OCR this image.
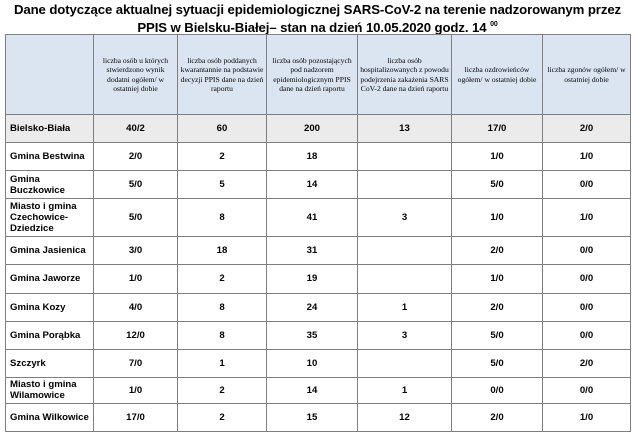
Dane dotyczące aktualnej sytuacji epidemiologicznej SARS-CoV-2 na terenie nadzorowanym przez
PPIS w Bielsku-Białej– stan na dzień 10.05.2020 godz. 14 $^{00}$
	liczba osób u których stwierdzono wynik dodatni ogółem/ w ostatniej dobie	liczba osób poddanych kwarantannie na podstawie decyzji PPIS dane na dzień raportu	liczba osób pozostających pod nadzorem epidemiologicznym PPIS dane na dzień raportu	liczba osób hospitalizowanych z powodu podejrzenia zakażenia SARS CoV-2 dane na dzień raportu	liczba ozdrowieńców ogółem/ w ostatniej dobie	liczba zgonów ogółem/ w ostatniej dobie
Bielsko-Biała	40/2	60	200	13	17/0	2/0
Gmina Bestwina	2/0	2	18		1/0	1/0
Gmina Buczkowice	5/0	5	14		5/0	0/0
Miasto i gmina Czechowice-Dziedzice	5/0	8	41	3	1/0	1/0
Gmina Jasienica	3/0	18	31		2/0	0/0
Gmina Jaworze	1/0	2	19		1/0	0/0
Gmina Kozy	4/0	8	24	1	2/0	0/0
Gmina Porąbka	12/0	8	35	3	5/0	0/0
Szczyrk	7/0	1	10		5/0	2/0
Miasto i gmina Wilamowice	1/0	2	14	1	0/0	0/0
Gmina Wilkowice	17/0	2	15	12	2/0	1/0
